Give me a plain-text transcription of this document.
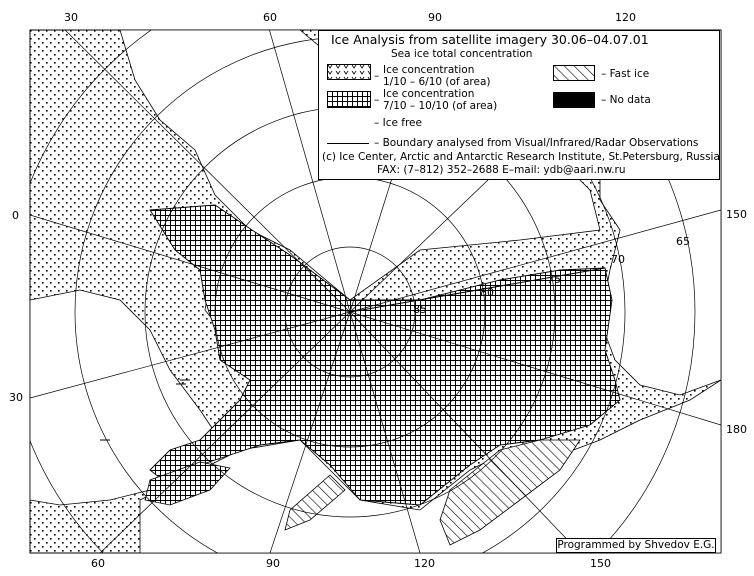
30	60	90	120
60	90	120	150
0
30
150
180
65
70
75
80
85
Ice Analysis from satellite imagery 30.06–04.07.01
Sea ice total concentration
Ice concentration
– 1/10 – 6/10 (of area)
Ice concentration
– 7/10 – 10/10 (of area)
– Fast ice
– No data
– Ice free
– Boundary analysed from Visual/Infrared/Radar Observations
(c) Ice Center, Arctic and Antarctic Research Institute, St.Petersburg, Russia
FAX: (7–812) 352–2688 E–mail: ydb@aari.nw.ru
Programmed by Shvedov E.G.
